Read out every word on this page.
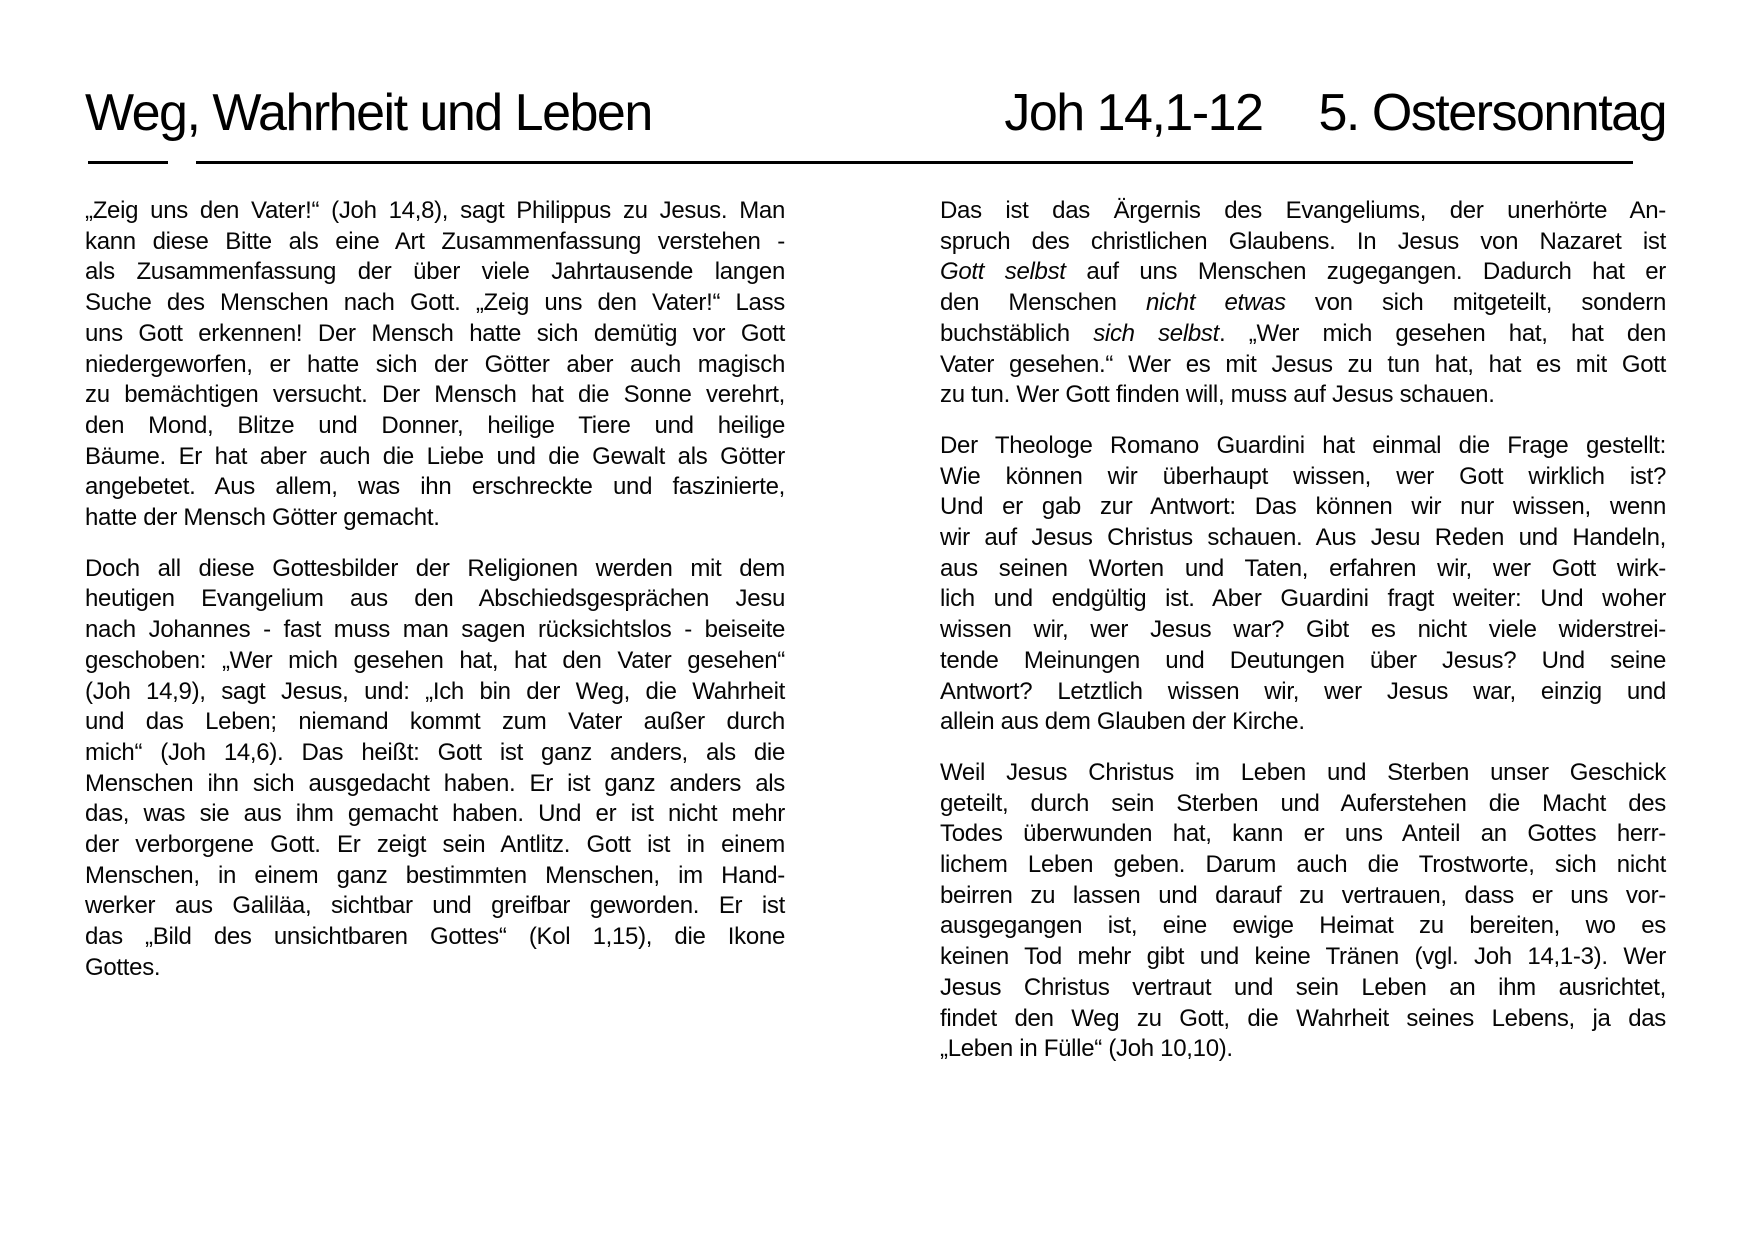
Weg, Wahrheit und Leben	Joh 14,1-12 5. Ostersonntag
„Zeig uns den Vater!“ (Joh 14,8), sagt Philippus zu Jesus. Man
kann diese Bitte als eine Art Zusammenfassung verstehen -
als Zusammenfassung der über viele Jahrtausende langen
Suche des Menschen nach Gott. „Zeig uns den Vater!“ Lass
uns Gott erkennen! Der Mensch hatte sich demütig vor Gott
niedergeworfen, er hatte sich der Götter aber auch magisch
zu bemächtigen versucht. Der Mensch hat die Sonne verehrt,
den Mond, Blitze und Donner, heilige Tiere und heilige
Bäume. Er hat aber auch die Liebe und die Gewalt als Götter
angebetet. Aus allem, was ihn erschreckte und faszinierte,
hatte der Mensch Götter gemacht.
Doch all diese Gottesbilder der Religionen werden mit dem
heutigen Evangelium aus den Abschiedsgesprächen Jesu
nach Johannes - fast muss man sagen rücksichtslos - beiseite
geschoben: „Wer mich gesehen hat, hat den Vater gesehen“
(Joh 14,9), sagt Jesus, und: „Ich bin der Weg, die Wahrheit
und das Leben; niemand kommt zum Vater außer durch
mich“ (Joh 14,6). Das heißt: Gott ist ganz anders, als die
Menschen ihn sich ausgedacht haben. Er ist ganz anders als
das, was sie aus ihm gemacht haben. Und er ist nicht mehr
der verborgene Gott. Er zeigt sein Antlitz. Gott ist in einem
Menschen, in einem ganz bestimmten Menschen, im Hand-
werker aus Galiläa, sichtbar und greifbar geworden. Er ist
das „Bild des unsichtbaren Gottes“ (Kol 1,15), die Ikone
Gottes.
Das ist das Ärgernis des Evangeliums, der unerhörte An-
spruch des christlichen Glaubens. In Jesus von Nazaret ist
Gott selbst auf uns Menschen zugegangen. Dadurch hat er
den Menschen nicht etwas von sich mitgeteilt, sondern
buchstäblich sich selbst. „Wer mich gesehen hat, hat den
Vater gesehen.“ Wer es mit Jesus zu tun hat, hat es mit Gott
zu tun. Wer Gott finden will, muss auf Jesus schauen.
Der Theologe Romano Guardini hat einmal die Frage gestellt:
Wie können wir überhaupt wissen, wer Gott wirklich ist?
Und er gab zur Antwort: Das können wir nur wissen, wenn
wir auf Jesus Christus schauen. Aus Jesu Reden und Handeln,
aus seinen Worten und Taten, erfahren wir, wer Gott wirk-
lich und endgültig ist. Aber Guardini fragt weiter: Und woher
wissen wir, wer Jesus war? Gibt es nicht viele widerstrei-
tende Meinungen und Deutungen über Jesus? Und seine
Antwort? Letztlich wissen wir, wer Jesus war, einzig und
allein aus dem Glauben der Kirche.
Weil Jesus Christus im Leben und Sterben unser Geschick
geteilt, durch sein Sterben und Auferstehen die Macht des
Todes überwunden hat, kann er uns Anteil an Gottes herr-
lichem Leben geben. Darum auch die Trostworte, sich nicht
beirren zu lassen und darauf zu vertrauen, dass er uns vor-
ausgegangen ist, eine ewige Heimat zu bereiten, wo es
keinen Tod mehr gibt und keine Tränen (vgl. Joh 14,1-3). Wer
Jesus Christus vertraut und sein Leben an ihm ausrichtet,
findet den Weg zu Gott, die Wahrheit seines Lebens, ja das
„Leben in Fülle“ (Joh 10,10).
